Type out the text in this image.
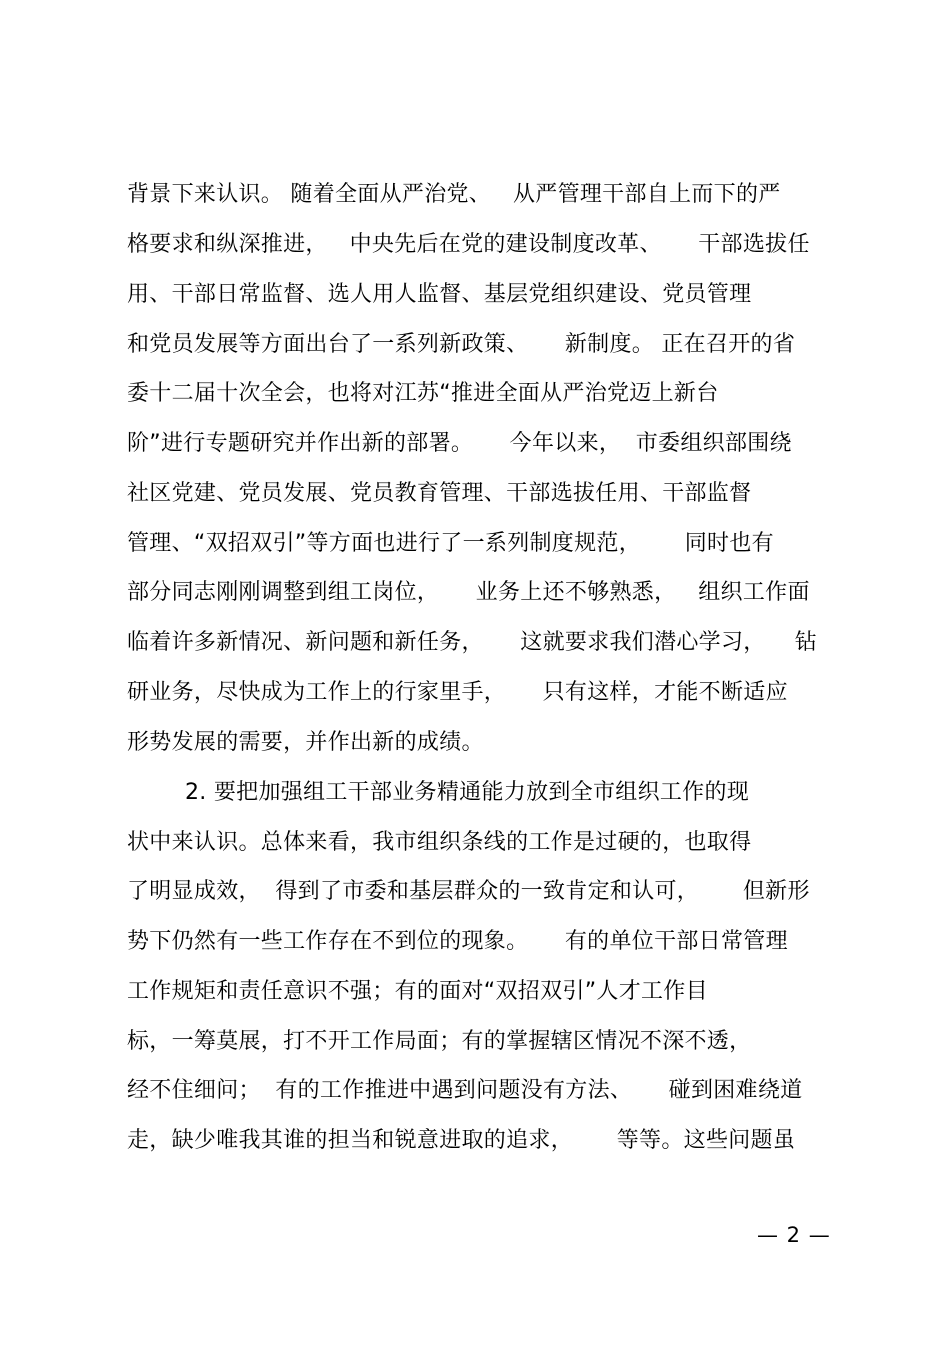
背景下来认识。 随着全面从严治党、   从严管理干部自上而下的严
格要求和纵深推进，   中央先后在党的建设制度改革、     干部选拔任
用、干部日常监督、选人用人监督、基层党组织建设、党员管理
和党员发展等方面出台了一系列新政策、     新制度。 正在召开的省
委十二届十次全会，也将对江苏“推进全面从严治党迈上新台
阶”进行专题研究并作出新的部署。     今年以来，  市委组织部围绕
社区党建、党员发展、党员教育管理、干部选拔任用、干部监督
管理、“双招双引”等方面也进行了一系列制度规范，      同时也有
部分同志刚刚调整到组工岗位，     业务上还不够熟悉，   组织工作面
临着许多新情况、新问题和新任务，     这就要求我们潜心学习，    钻
研业务，尽快成为工作上的行家里手，     只有这样，才能不断适应
形势发展的需要，并作出新的成绩。
2. 要把加强组工干部业务精通能力放到全市组织工作的现
状中来认识。总体来看，我市组织条线的工作是过硬的，也取得
了明显成效，  得到了市委和基层群众的一致肯定和认可，      但新形
势下仍然有一些工作存在不到位的现象。     有的单位干部日常管理
工作规矩和责任意识不强；有的面对“双招双引”人才工作目
标，一筹莫展，打不开工作局面；有的掌握辖区情况不深不透，
经不住细问；  有的工作推进中遇到问题没有方法、     碰到困难绕道
走，缺少唯我其谁的担当和锐意进取的追求，      等等。这些问题虽
— 2 —
